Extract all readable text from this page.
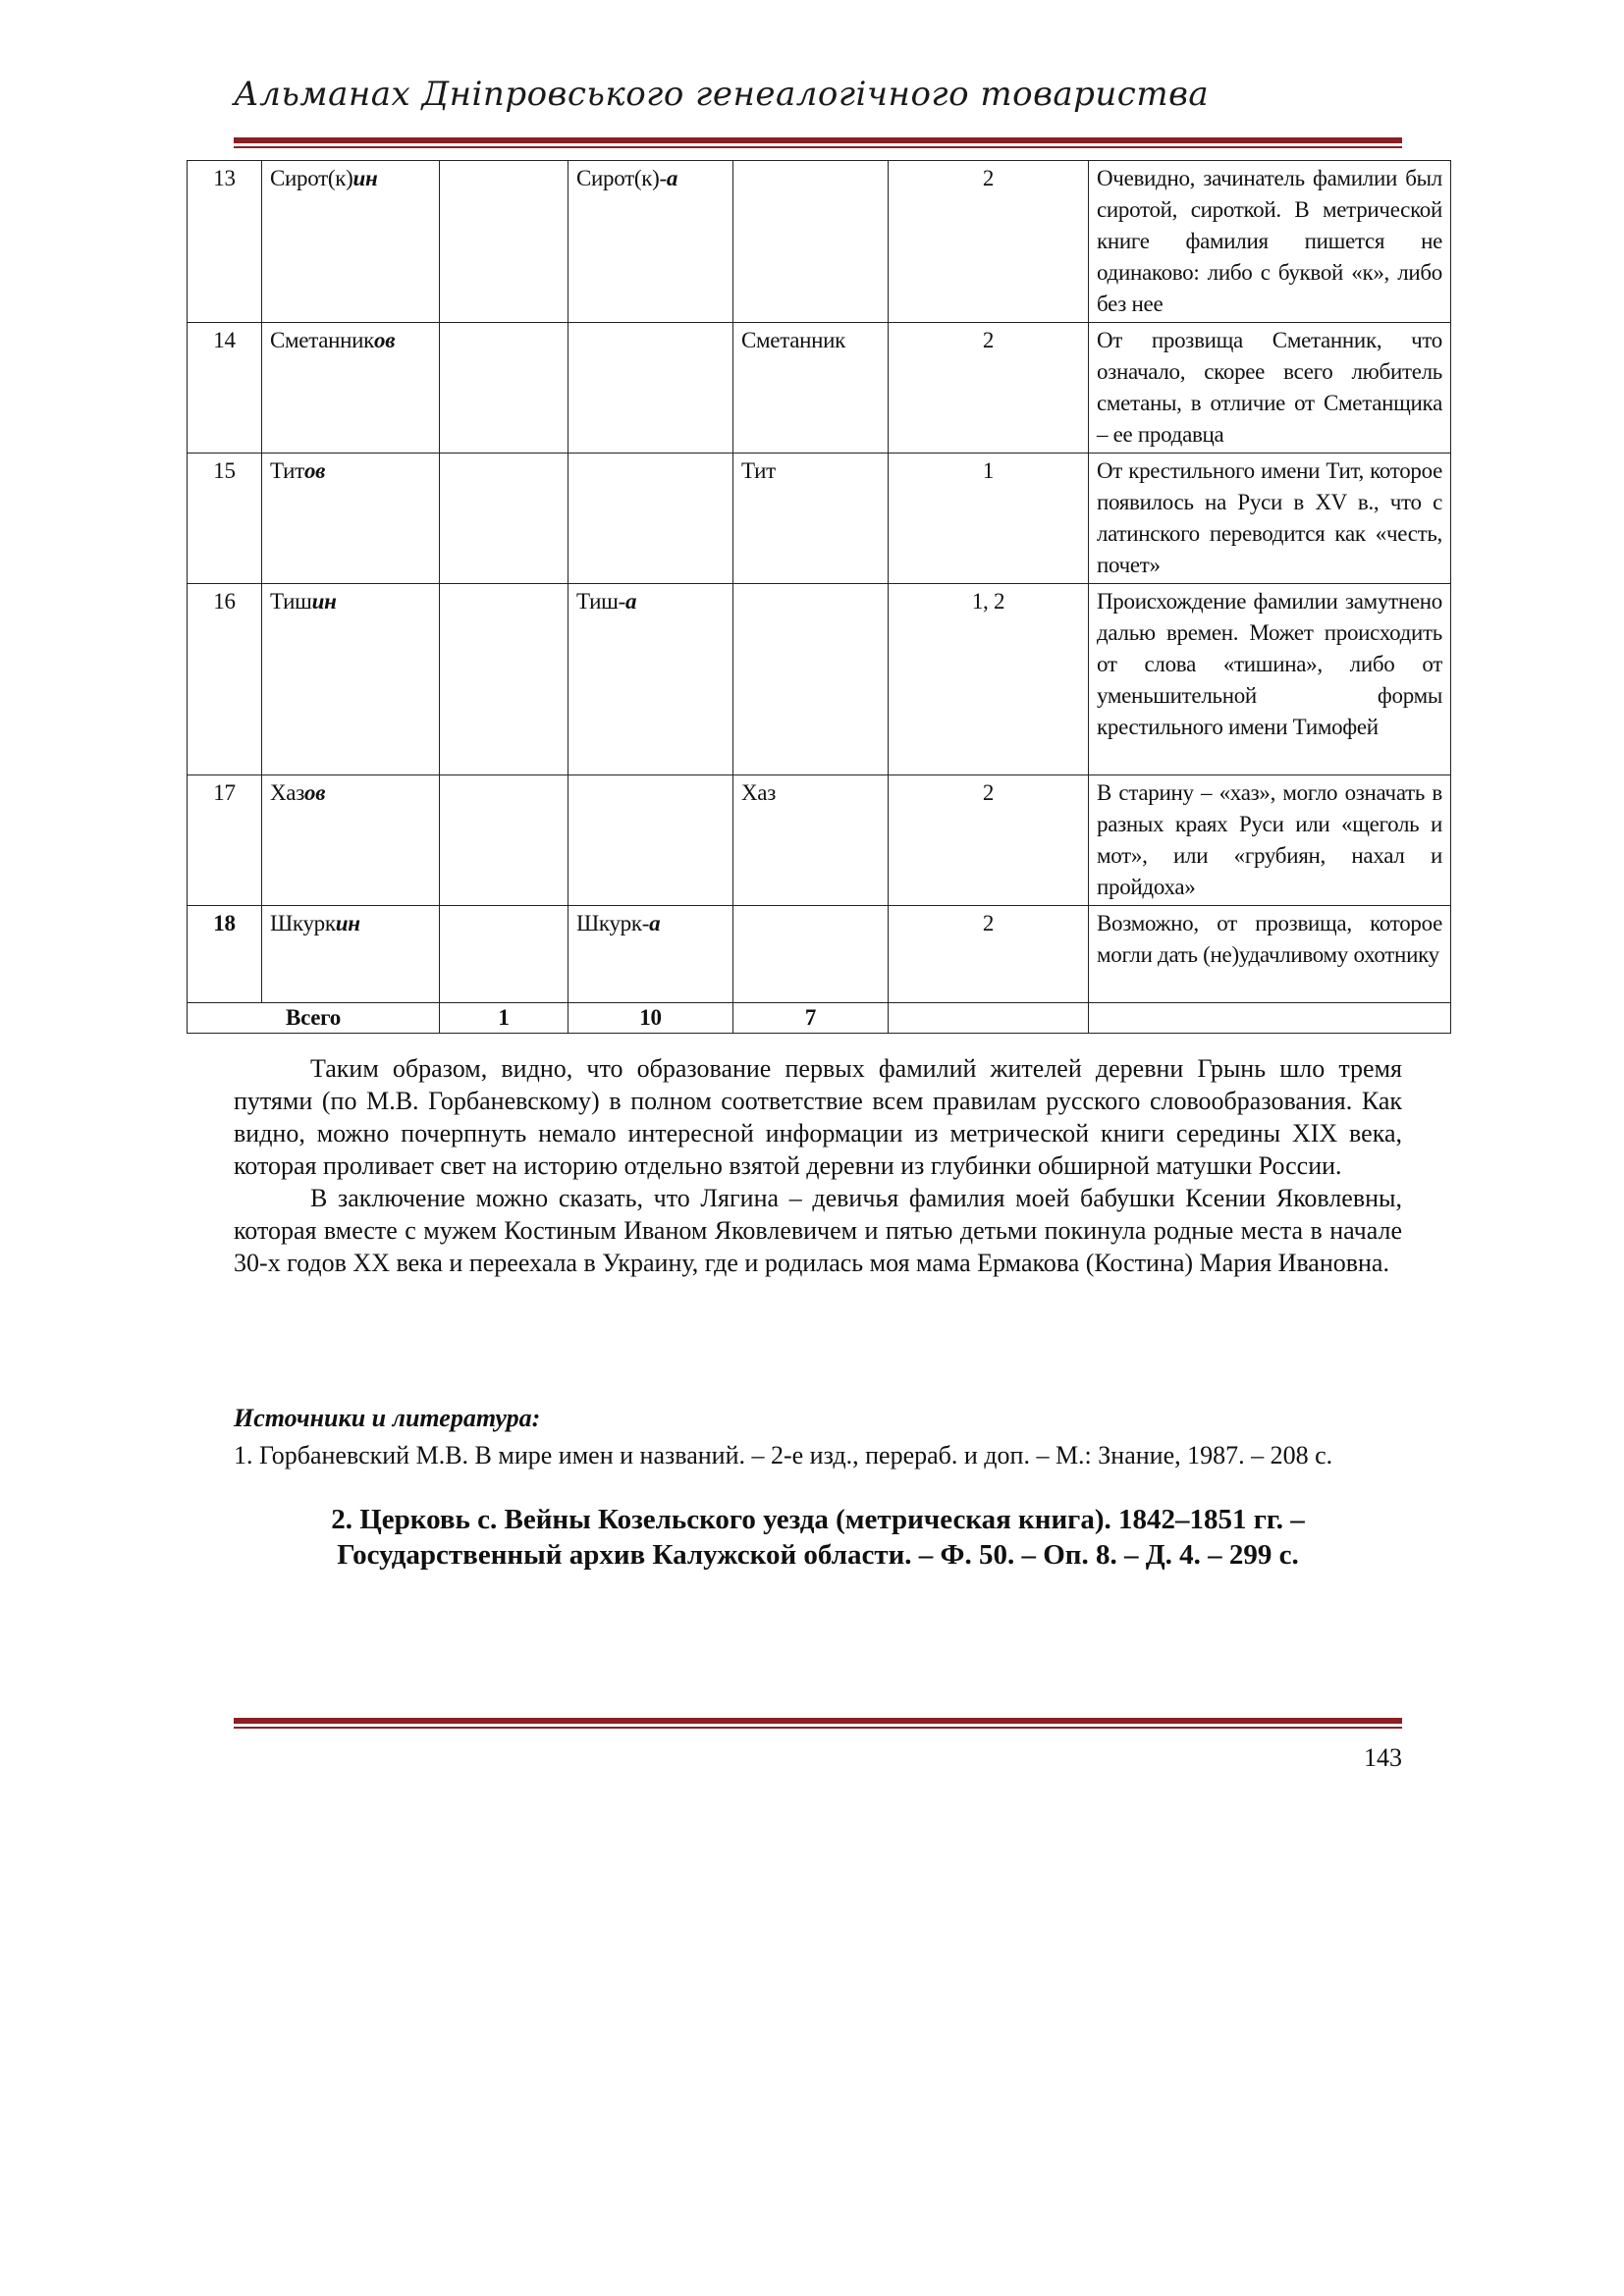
Альманах Дніпровського генеалогічного товариства
13	Сирот(к)ин		Сирот(к)-а		2	Очевидно, зачинатель фамилии был сиротой, сироткой. В метрической книге фамилия пишется не одинаково: либо с буквой «к», либо без нее
14	Сметанников			Сметанник	2	От прозвища Сметанник, что означало, скорее всего любитель сметаны, в отличие от Сметанщика – ее продавца
15	Титов			Тит	1	От крестильного имени Тит, которое появилось на Руси в XV в., что с латинского переводится как «честь, почет»
16	Тишин		Тиш-а		1, 2	Происхождение фамилии замутнено далью времен. Может происходить от слова «тишина», либо от уменьшительной формы крестильного имени Тимофей
17	Хазов			Хаз	2	В старину – «хаз», могло означать в разных краях Руси или «щеголь и мот», или «грубиян, нахал и пройдоха»
18	Шкуркин		Шкурк-а		2	Возможно, от прозвища, которое могли дать (не)удачливому охотнику
Всего		1	10	7		

Таким образом, видно, что образование первых фамилий жителей деревни Грынь шло тремя путями (по М.В. Горбаневскому) в полном соответствие всем правилам русского словообразования. Как видно, можно почерпнуть немало интересной информации из метрической книги середины XIX века, которая проливает свет на историю отдельно взятой деревни из глубинки обширной матушки России.

В заключение можно сказать, что Лягина – девичья фамилия моей бабушки Ксении Яковлевны, которая вместе с мужем Костиным Иваном Яковлевичем и пятью детьми покинула родные места в начале 30-х годов XX века и переехала в Украину, где и родилась моя мама Ермакова (Костина) Мария Ивановна.

Источники и литература:
1. Горбаневский М.В. В мире имен и названий. – 2-е изд., перераб. и доп. – М.: Знание, 1987. – 208 с.
2. Церковь с. Вейны Козельского уезда (метрическая книга). 1842–1851 гг. – Государственный архив Калужской области. – Ф. 50. – Оп. 8. – Д. 4. – 299 с.
143
